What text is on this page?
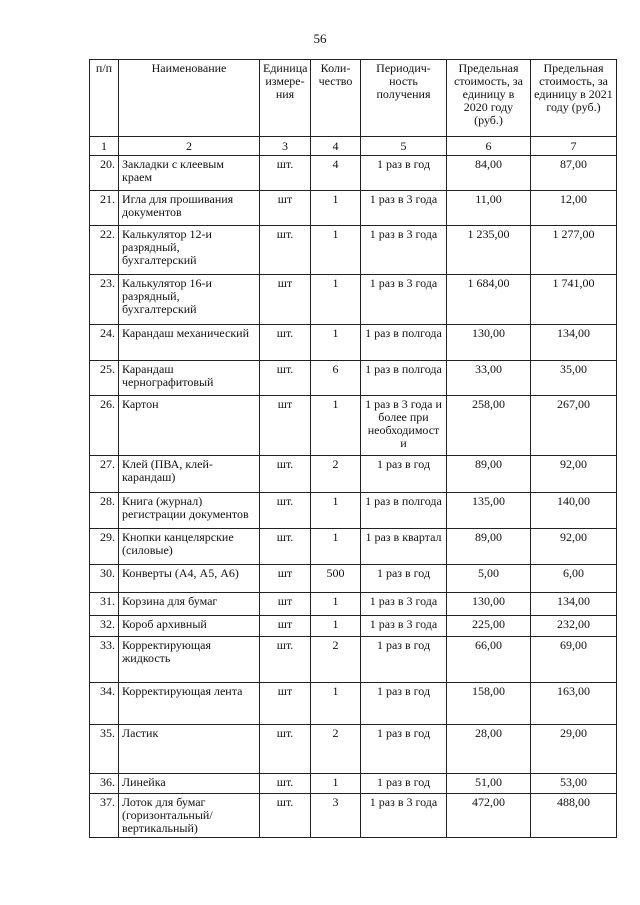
56
п/п	Наименование	Единица измере-ния	Коли-чество	Периодич-ность получения	Предельная стоимость, за единицу в 2020 году (руб.)	Предельная стоимость, за единицу в 2021 году (руб.)
1	2	3	4	5	6	7
20.	Закладки с клеевым краем	шт.	4	1 раз в год	84,00	87,00
21.	Игла для прошивания документов	шт	1	1 раз в 3 года	11,00	12,00
22.	Калькулятор 12-и разрядный, бухгалтерский	шт.	1	1 раз в 3 года	1 235,00	1 277,00
23.	Калькулятор 16-и разрядный, бухгалтерский	шт	1	1 раз в 3 года	1 684,00	1 741,00
24.	Карандаш механический	шт.	1	1 раз в полгода	130,00	134,00
25.	Карандаш чернографитовый	шт.	6	1 раз в полгода	33,00	35,00
26.	Картон	шт	1	1 раз в 3 года и более при необходимост и	258,00	267,00
27.	Клей (ПВА, клей-карандаш)	шт.	2	1 раз в год	89,00	92,00
28.	Книга (журнал) регистрации документов	шт.	1	1 раз в полгода	135,00	140,00
29.	Кнопки канцелярские (силовые)	шт.	1	1 раз в квартал	89,00	92,00
30.	Конверты (А4, А5, А6)	шт	500	1 раз в год	5,00	6,00
31.	Корзина для бумаг	шт	1	1 раз в 3 года	130,00	134,00
32.	Короб архивный	шт	1	1 раз в 3 года	225,00	232,00
33.	Корректирующая жидкость	шт.	2	1 раз в год	66,00	69,00
34.	Корректирующая лента	шт	1	1 раз в год	158,00	163,00
35.	Ластик	шт.	2	1 раз в год	28,00	29,00
36.	Линейка	шт.	1	1 раз в год	51,00	53,00
37.	Лоток для бумаг (горизонтальный/ вертикальный)	шт.	3	1 раз в 3 года	472,00	488,00
